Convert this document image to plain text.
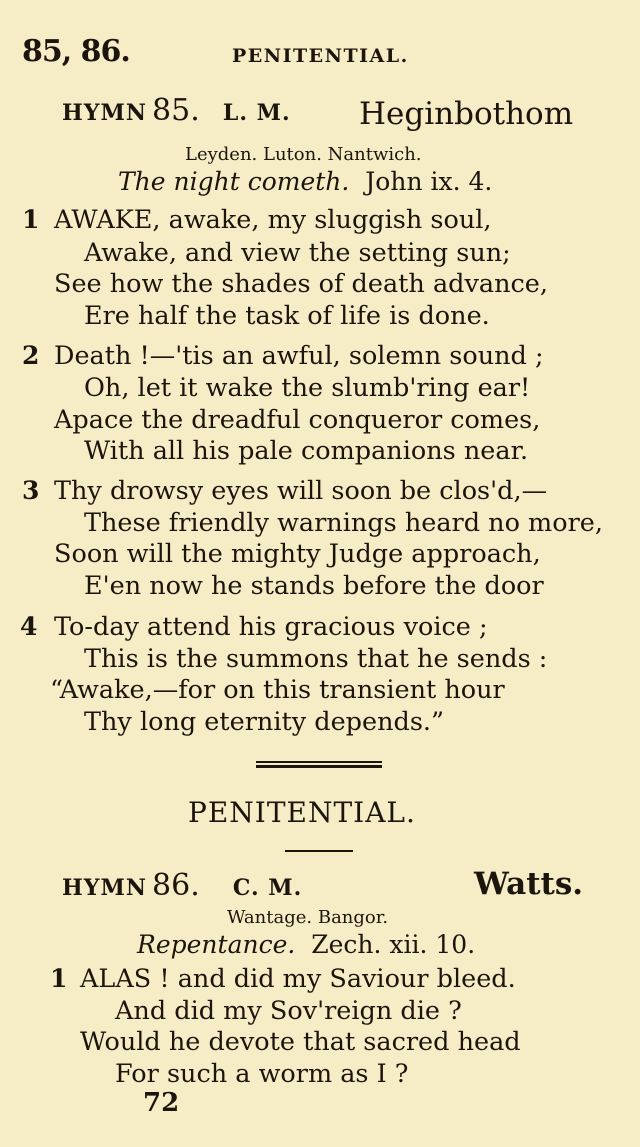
85, 86.	PENITENTIAL.
HYMN 85. L. M. Heginbothom
Leyden. Luton. Nantwich.
The night cometh. John ix. 4.
1 AWAKE, awake, my sluggish soul,
Awake, and view the setting sun;
See how the shades of death advance,
Ere half the task of life is done.
2 Death !—'tis an awful, solemn sound ;
Oh, let it wake the slumb'ring ear!
Apace the dreadful conqueror comes,
With all his pale companions near.
3 Thy drowsy eyes will soon be clos'd,—
These friendly warnings heard no more,
Soon will the mighty Judge approach,
E'en now he stands before the door
4 To-day attend his gracious voice ;
This is the summons that he sends :
“Awake,—for on this transient hour
Thy long eternity depends.”
PENITENTIAL.
HYMN 86. C. M.	Watts.
Wantage. Bangor.
Repentance. Zech. xii. 10.
1 ALAS ! and did my Saviour bleed.
And did my Sov'reign die ?
Would he devote that sacred head
For such a worm as I ?
72
